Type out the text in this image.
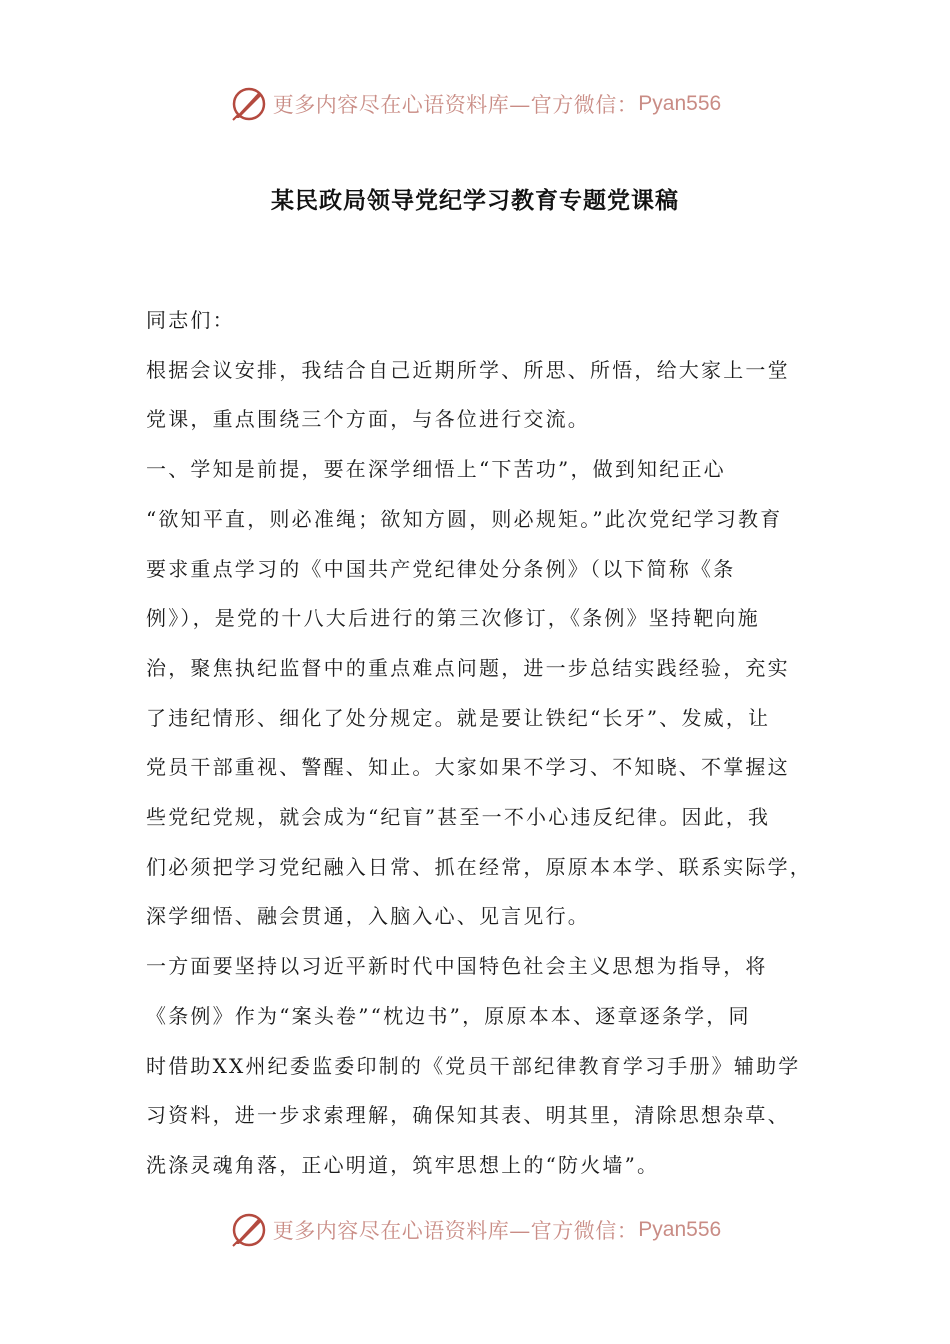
更多内容尽在心语资料库—官方微信： Pyan556
某民政局领导党纪学习教育专题党课稿
同志们：
根据会议安排，我结合自己近期所学、所思、所悟，给大家上一堂
党课，重点围绕三个方面，与各位进行交流。
一、学知是前提，要在深学细悟上“下苦功”，做到知纪正心
“欲知平直，则必准绳；欲知方圆，则必规矩。”此次党纪学习教育
要求重点学习的《中国共产党纪律处分条例》（以下简称《条
例》），是党的十八大后进行的第三次修订，《条例》坚持靶向施
治，聚焦执纪监督中的重点难点问题，进一步总结实践经验，充实
了违纪情形、细化了处分规定。就是要让铁纪“长牙”、发威，让
党员干部重视、警醒、知止。大家如果不学习、不知晓、不掌握这
些党纪党规，就会成为“纪盲”甚至一不小心违反纪律。因此，我
们必须把学习党纪融入日常、抓在经常，原原本本学、联系实际学，
深学细悟、融会贯通，入脑入心、见言见行。
一方面要坚持以习近平新时代中国特色社会主义思想为指导，将
《条例》作为“案头卷”“枕边书”，原原本本、逐章逐条学，同
时借助XX州纪委监委印制的《党员干部纪律教育学习手册》辅助学
习资料，进一步求索理解，确保知其表、明其里，清除思想杂草、
洗涤灵魂角落，正心明道，筑牢思想上的“防火墙”。
更多内容尽在心语资料库—官方微信： Pyan556
